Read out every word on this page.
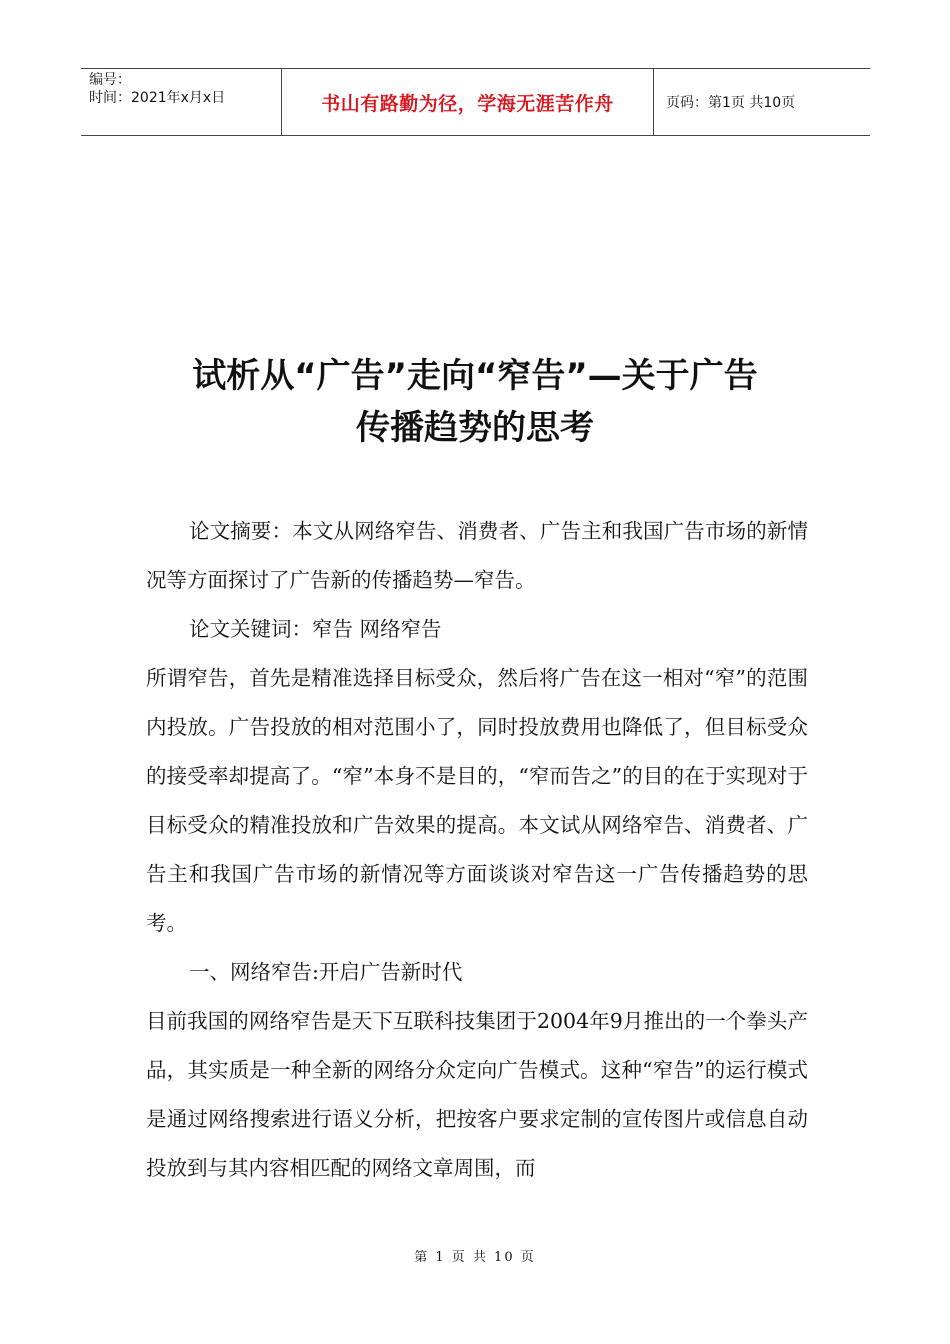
编号：
时间：2021年x月x日	书山有路勤为径，学海无涯苦作舟	页码：第1页 共10页
试析从“广告”走向“窄告”—关于广告
传播趋势的思考

论文摘要：本文从网络窄告、消费者、广告主和我国广告市场的新情况等方面探讨了广告新的传播趋势—窄告。

论文关键词：窄告 网络窄告

所谓窄告，首先是精准选择目标受众，然后将广告在这一相对“窄”的范围内投放。广告投放的相对范围小了，同时投放费用也降低了，但目标受众的接受率却提高了。“窄”本身不是目的，“窄而告之”的目的在于实现对于目标受众的精准投放和广告效果的提高。本文试从网络窄告、消费者、广告主和我国广告市场的新情况等方面谈谈对窄告这一广告传播趋势的思考。

一、网络窄告:开启广告新时代

目前我国的网络窄告是天下互联科技集团于2004年9月推出的一个拳头产品，其实质是一种全新的网络分众定向广告模式。这种“窄告”的运行模式是通过网络搜索进行语义分析，把按客户要求定制的宣传图片或信息自动投放到与其内容相匹配的网络文章周围，而

第 1 页 共 10 页
